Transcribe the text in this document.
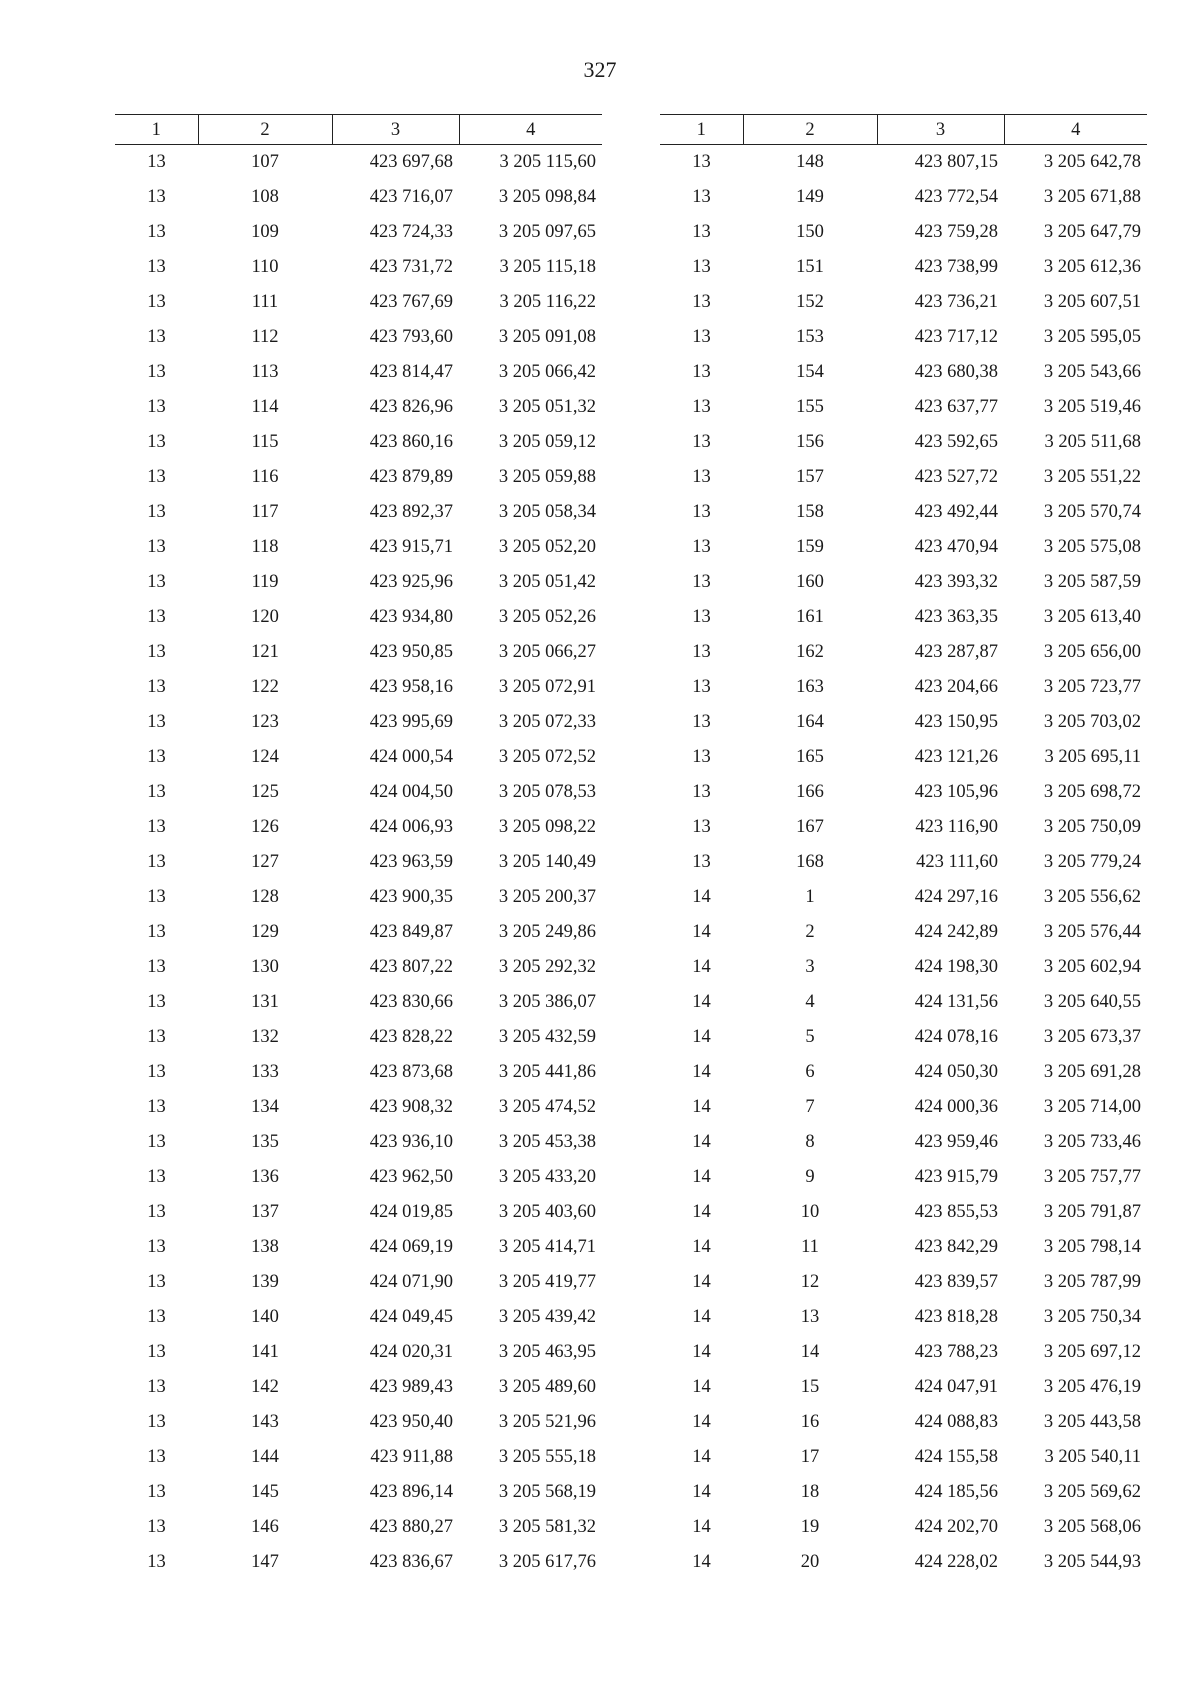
327
1	2	3	4
13	107	423 697,68	3 205 115,60
13	108	423 716,07	3 205 098,84
13	109	423 724,33	3 205 097,65
13	110	423 731,72	3 205 115,18
13	111	423 767,69	3 205 116,22
13	112	423 793,60	3 205 091,08
13	113	423 814,47	3 205 066,42
13	114	423 826,96	3 205 051,32
13	115	423 860,16	3 205 059,12
13	116	423 879,89	3 205 059,88
13	117	423 892,37	3 205 058,34
13	118	423 915,71	3 205 052,20
13	119	423 925,96	3 205 051,42
13	120	423 934,80	3 205 052,26
13	121	423 950,85	3 205 066,27
13	122	423 958,16	3 205 072,91
13	123	423 995,69	3 205 072,33
13	124	424 000,54	3 205 072,52
13	125	424 004,50	3 205 078,53
13	126	424 006,93	3 205 098,22
13	127	423 963,59	3 205 140,49
13	128	423 900,35	3 205 200,37
13	129	423 849,87	3 205 249,86
13	130	423 807,22	3 205 292,32
13	131	423 830,66	3 205 386,07
13	132	423 828,22	3 205 432,59
13	133	423 873,68	3 205 441,86
13	134	423 908,32	3 205 474,52
13	135	423 936,10	3 205 453,38
13	136	423 962,50	3 205 433,20
13	137	424 019,85	3 205 403,60
13	138	424 069,19	3 205 414,71
13	139	424 071,90	3 205 419,77
13	140	424 049,45	3 205 439,42
13	141	424 020,31	3 205 463,95
13	142	423 989,43	3 205 489,60
13	143	423 950,40	3 205 521,96
13	144	423 911,88	3 205 555,18
13	145	423 896,14	3 205 568,19
13	146	423 880,27	3 205 581,32
13	147	423 836,67	3 205 617,76
1	2	3	4
13	148	423 807,15	3 205 642,78
13	149	423 772,54	3 205 671,88
13	150	423 759,28	3 205 647,79
13	151	423 738,99	3 205 612,36
13	152	423 736,21	3 205 607,51
13	153	423 717,12	3 205 595,05
13	154	423 680,38	3 205 543,66
13	155	423 637,77	3 205 519,46
13	156	423 592,65	3 205 511,68
13	157	423 527,72	3 205 551,22
13	158	423 492,44	3 205 570,74
13	159	423 470,94	3 205 575,08
13	160	423 393,32	3 205 587,59
13	161	423 363,35	3 205 613,40
13	162	423 287,87	3 205 656,00
13	163	423 204,66	3 205 723,77
13	164	423 150,95	3 205 703,02
13	165	423 121,26	3 205 695,11
13	166	423 105,96	3 205 698,72
13	167	423 116,90	3 205 750,09
13	168	423 111,60	3 205 779,24
14	1	424 297,16	3 205 556,62
14	2	424 242,89	3 205 576,44
14	3	424 198,30	3 205 602,94
14	4	424 131,56	3 205 640,55
14	5	424 078,16	3 205 673,37
14	6	424 050,30	3 205 691,28
14	7	424 000,36	3 205 714,00
14	8	423 959,46	3 205 733,46
14	9	423 915,79	3 205 757,77
14	10	423 855,53	3 205 791,87
14	11	423 842,29	3 205 798,14
14	12	423 839,57	3 205 787,99
14	13	423 818,28	3 205 750,34
14	14	423 788,23	3 205 697,12
14	15	424 047,91	3 205 476,19
14	16	424 088,83	3 205 443,58
14	17	424 155,58	3 205 540,11
14	18	424 185,56	3 205 569,62
14	19	424 202,70	3 205 568,06
14	20	424 228,02	3 205 544,93
